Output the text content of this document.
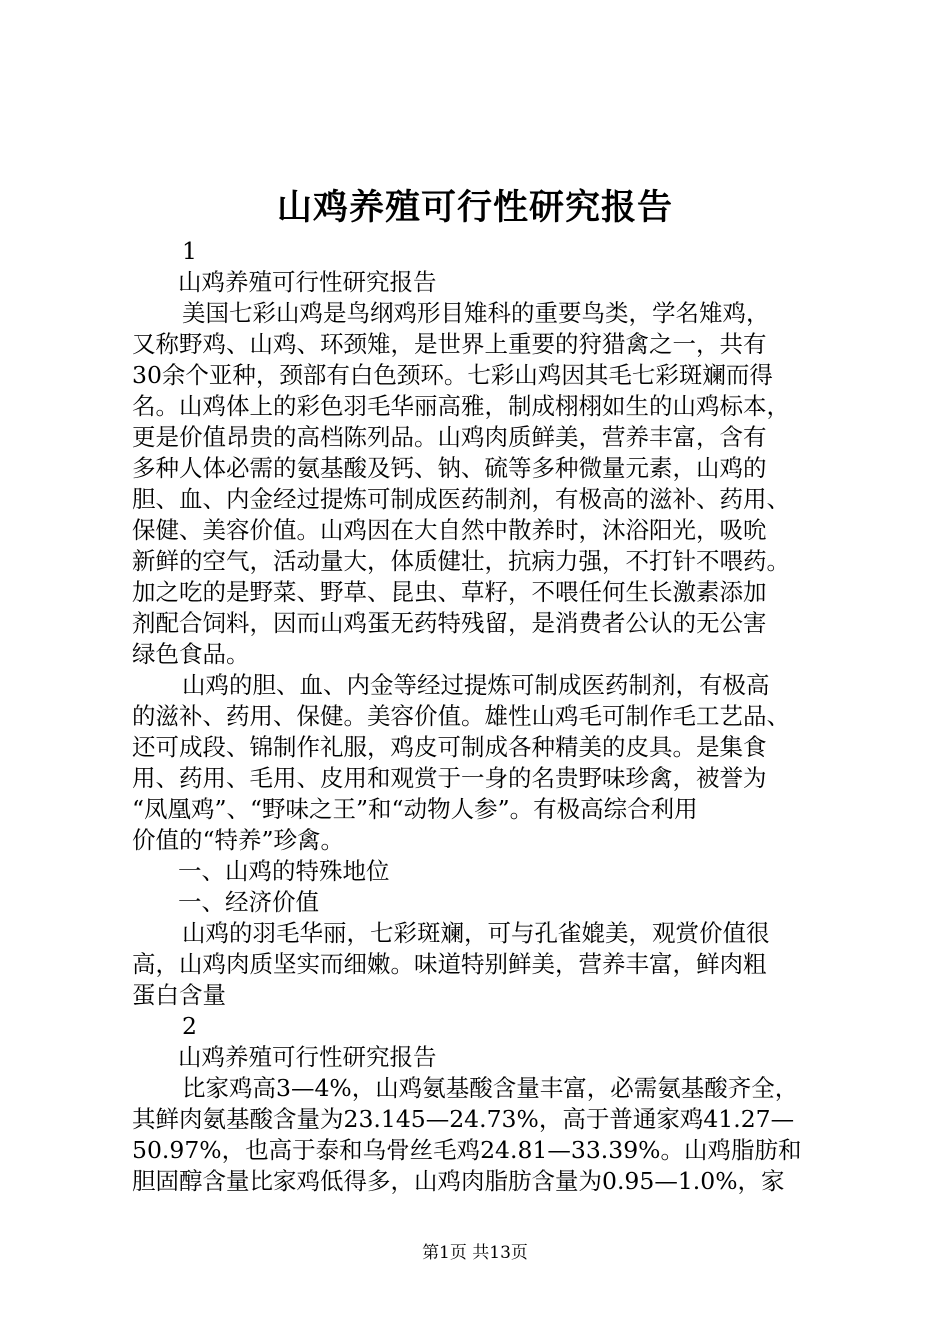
山鸡养殖可行性研究报告
1
山鸡养殖可行性研究报告
美国七彩山鸡是鸟纲鸡形目雉科的重要鸟类，学名雉鸡，
又称野鸡、山鸡、环颈雉，是世界上重要的狩猎禽之一，共有
30余个亚种，颈部有白色颈环。七彩山鸡因其毛七彩斑斓而得
名。山鸡体上的彩色羽毛华丽高雅，制成栩栩如生的山鸡标本，
更是价值昂贵的高档陈列品。山鸡肉质鲜美，营养丰富，含有
多种人体必需的氨基酸及钙、钠、硫等多种微量元素，山鸡的
胆、血、内金经过提炼可制成医药制剂，有极高的滋补、药用、
保健、美容价值。山鸡因在大自然中散养时，沐浴阳光，吸吮
新鲜的空气，活动量大，体质健壮，抗病力强，不打针不喂药。
加之吃的是野菜、野草、昆虫、草籽，不喂任何生长激素添加
剂配合饲料，因而山鸡蛋无药特残留，是消费者公认的无公害
绿色食品。
山鸡的胆、血、内金等经过提炼可制成医药制剂，有极高
的滋补、药用、保健。美容价值。雄性山鸡毛可制作毛工艺品、
还可成段、锦制作礼服，鸡皮可制成各种精美的皮具。是集食
用、药用、毛用、皮用和观赏于一身的名贵野味珍禽，被誉为
“凤凰鸡”、“野味之王”和“动物人参”。有极高综合利用
价值的“特养”珍禽。
一、山鸡的特殊地位
一、经济价值
山鸡的羽毛华丽，七彩斑斓，可与孔雀媲美，观赏价值很
高，山鸡肉质坚实而细嫩。味道特别鲜美，营养丰富，鲜肉粗
蛋白含量
2
山鸡养殖可行性研究报告
比家鸡高3—4%，山鸡氨基酸含量丰富，必需氨基酸齐全，
其鲜肉氨基酸含量为23.145—24.73%，高于普通家鸡41.27—
50.97%，也高于泰和乌骨丝毛鸡24.81—33.39%。山鸡脂肪和
胆固醇含量比家鸡低得多，山鸡肉脂肪含量为0.95—1.0%，家
第1页 共13页
